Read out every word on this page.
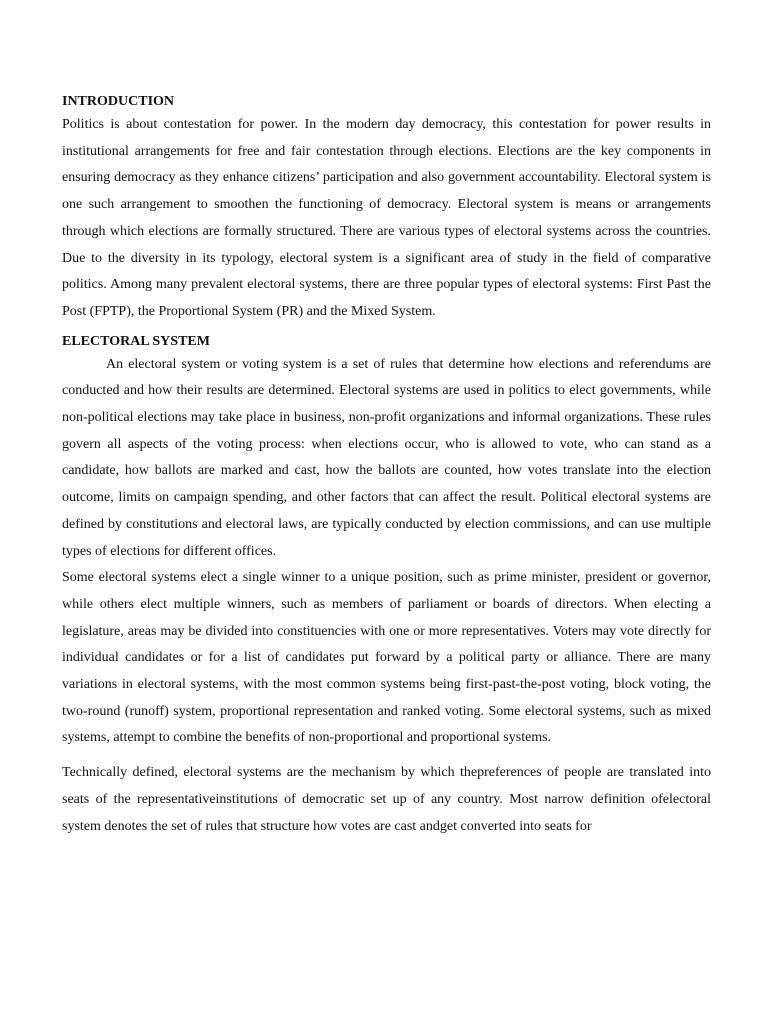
INTRODUCTION

Politics is about contestation for power. In the modern day democracy, this contestation for power results in institutional arrangements for free and fair contestation through elections. Elections are the key components in ensuring democracy as they enhance citizens’ participation and also government accountability. Electoral system is one such arrangement to smoothen the functioning of democracy. Electoral system is means or arrangements through which elections are formally structured. There are various types of electoral systems across the countries. Due to the diversity in its typology, electoral system is a significant area of study in the field of comparative politics. Among many prevalent electoral systems, there are three popular types of electoral systems: First Past the Post (FPTP), the Proportional System (PR) and the Mixed System.

ELECTORAL SYSTEM

An electoral system or voting system is a set of rules that determine how elections and referendums are conducted and how their results are determined. Electoral systems are used in politics to elect governments, while non-political elections may take place in business, non-profit organizations and informal organizations. These rules govern all aspects of the voting process: when elections occur, who is allowed to vote, who can stand as a candidate, how ballots are marked and cast, how the ballots are counted, how votes translate into the election outcome, limits on campaign spending, and other factors that can affect the result. Political electoral systems are defined by constitutions and electoral laws, are typically conducted by election commissions, and can use multiple types of elections for different offices.

Some electoral systems elect a single winner to a unique position, such as prime minister, president or governor, while others elect multiple winners, such as members of parliament or boards of directors. When electing a legislature, areas may be divided into constituencies with one or more representatives. Voters may vote directly for individual candidates or for a list of candidates put forward by a political party or alliance. There are many variations in electoral systems, with the most common systems being first-past-the-post voting, block voting, the two-round (runoff) system, proportional representation and ranked voting. Some electoral systems, such as mixed systems, attempt to combine the benefits of non-proportional and proportional systems.

Technically defined, electoral systems are the mechanism by which thepreferences of people are translated into seats of the representativeinstitutions of democratic set up of any country. Most narrow definition ofelectoral system denotes the set of rules that structure how votes are cast andget converted into seats for
